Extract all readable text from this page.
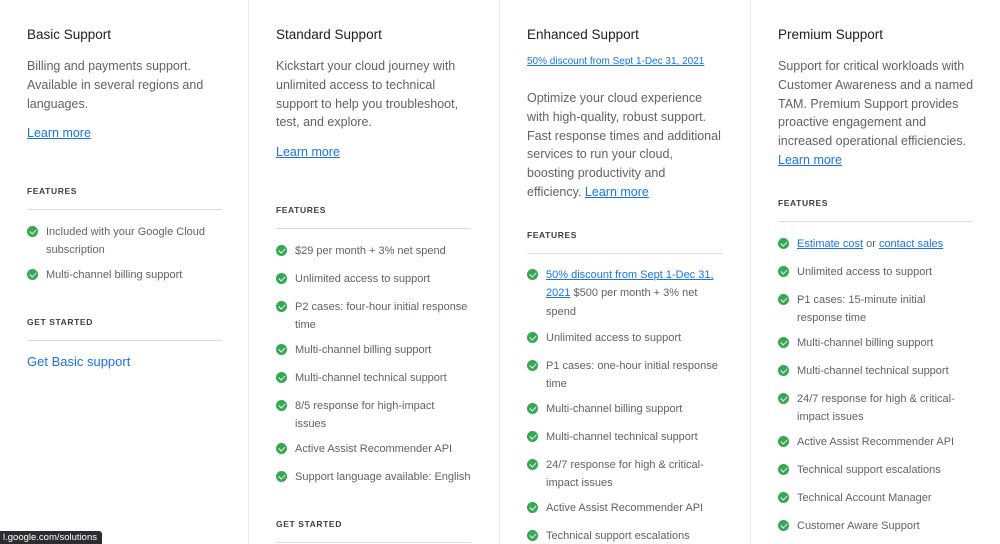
Basic Support
Billing and payments support. Available in several regions and languages.
Learn more
FEATURES
Included with your Google Cloud subscription
Multi-channel billing support
GET STARTED
Get Basic support
Standard Support
Kickstart your cloud journey with unlimited access to technical support to help you troubleshoot, test, and explore.
Learn more
FEATURES
$29 per month + 3% net spend
Unlimited access to support
P2 cases: four-hour initial response time
Multi-channel billing support
Multi-channel technical support
8/5 response for high-impact issues
Active Assist Recommender API
Support language available: English
GET STARTED
Enhanced Support
50% discount from Sept 1-Dec 31, 2021
Optimize your cloud experience with high-quality, robust support. Fast response times and additional services to run your cloud, boosting productivity and efficiency. Learn more
FEATURES
50% discount from Sept 1-Dec 31, 2021 $500 per month + 3% net spend
Unlimited access to support
P1 cases: one-hour initial response time
Multi-channel billing support
Multi-channel technical support
24/7 response for high & critical-impact issues
Active Assist Recommender API
Technical support escalations
Premium Support
Support for critical workloads with Customer Awareness and a named TAM. Premium Support provides proactive engagement and increased operational efficiencies. Learn more
FEATURES
Estimate cost or contact sales
Unlimited access to support
P1 cases: 15-minute initial response time
Multi-channel billing support
Multi-channel technical support
24/7 response for high & critical-impact issues
Active Assist Recommender API
Technical support escalations
Technical Account Manager
Customer Aware Support
l.google.com/solutions
